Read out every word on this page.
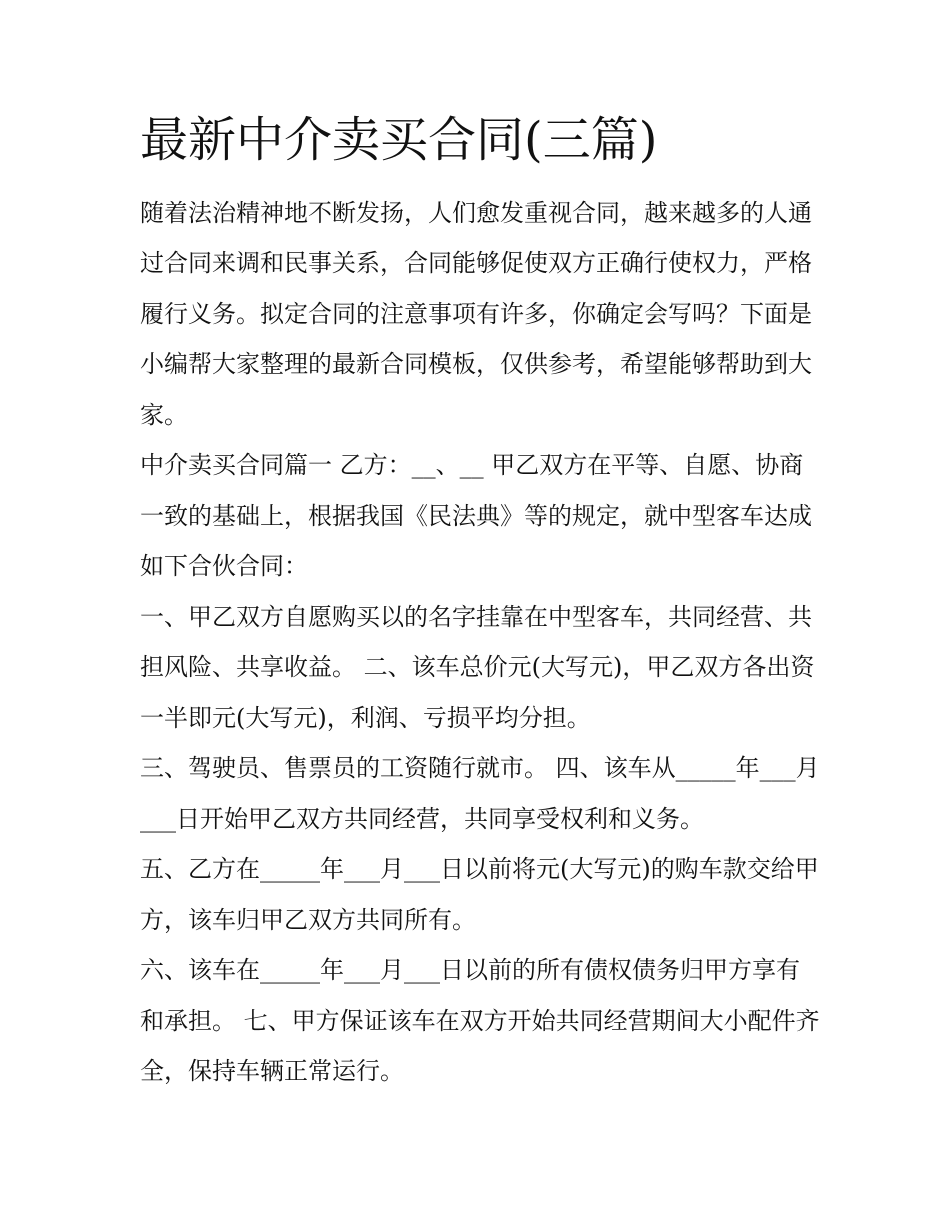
最新中介卖买合同(三篇)

随着法治精神地不断发扬，人们愈发重视合同，越来越多的人通过合同来调和民事关系，合同能够促使双方正确行使权力，严格履行义务。拟定合同的注意事项有许多，你确定会写吗？下面是小编帮大家整理的最新合同模板，仅供参考，希望能够帮助到大家。

中介卖买合同篇一 乙方：__、__ 甲乙双方在平等、自愿、协商一致的基础上，根据我国《民法典》等的规定，就中型客车达成如下合伙合同：

一、甲乙双方自愿购买以的名字挂靠在中型客车，共同经营、共担风险、共享收益。 二、该车总价元(大写元)，甲乙双方各出资一半即元(大写元)，利润、亏损平均分担。

三、驾驶员、售票员的工资随行就市。 四、该车从_____年___月___日开始甲乙双方共同经营，共同享受权利和义务。

五、乙方在_____年___月___日以前将元(大写元)的购车款交给甲方，该车归甲乙双方共同所有。

六、该车在_____年___月___日以前的所有债权债务归甲方享有和承担。 七、甲方保证该车在双方开始共同经营期间大小配件齐全，保持车辆正常运行。
